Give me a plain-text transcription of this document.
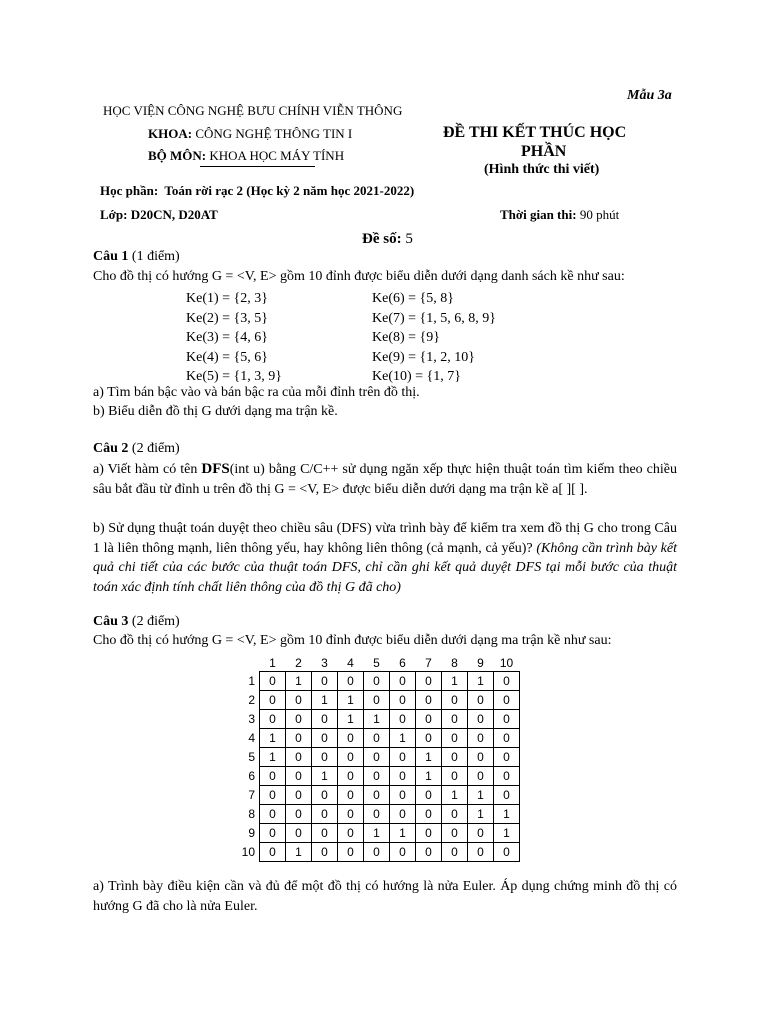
Mẫu 3a
HỌC VIỆN CÔNG NGHỆ BƯU CHÍNH VIỄN THÔNG
KHOA: CÔNG NGHỆ THÔNG TIN I
BỘ MÔN: KHOA HỌC MÁY TÍNH
ĐỀ THI KẾT THÚC HỌC
PHẦN
(Hình thức thi viết)
Học phần: Toán rời rạc 2 (Học kỳ 2 năm học 2021-2022)
Lớp: D20CN, D20AT	Thời gian thi: 90 phút
Đề số: 5
Câu 1 (1 điểm)
Cho đồ thị có hướng G = <V, E> gồm 10 đỉnh được biểu diễn dưới dạng danh sách kề như sau:
Ke(1) = {2, 3}
Ke(2) = {3, 5}
Ke(3) = {4, 6}
Ke(4) = {5, 6}
Ke(5) = {1, 3, 9}
Ke(6) = {5, 8}
Ke(7) = {1, 5, 6, 8, 9}
Ke(8) = {9}
Ke(9) = {1, 2, 10}
Ke(10) = {1, 7}
a) Tìm bán bậc vào và bán bậc ra của mỗi đỉnh trên đồ thị.
b) Biểu diễn đồ thị G dưới dạng ma trận kề.
Câu 2 (2 điểm)
a) Viết hàm có tên DFS(int u) bằng C/C++ sử dụng ngăn xếp thực hiện thuật toán tìm kiếm theo chiều sâu bắt đầu từ đỉnh u trên đồ thị G = <V, E> được biểu diễn dưới dạng ma trận kề a[ ][ ].
b) Sử dụng thuật toán duyệt theo chiều sâu (DFS) vừa trình bày để kiểm tra xem đồ thị G cho trong Câu 1 là liên thông mạnh, liên thông yếu, hay không liên thông (cả mạnh, cả yếu)? (Không cần trình bày kết quả chi tiết của các bước của thuật toán DFS, chỉ cần ghi kết quả duyệt DFS tại mỗi bước của thuật toán xác định tính chất liên thông của đồ thị G đã cho)
Câu 3 (2 điểm)
Cho đồ thị có hướng G = <V, E> gồm 10 đỉnh được biểu diễn dưới dạng ma trận kề như sau:
	1	2	3	4	5	6	7	8	9	10
1	0	1	0	0	0	0	0	1	1	0
2	0	0	1	1	0	0	0	0	0	0
3	0	0	0	1	1	0	0	0	0	0
4	1	0	0	0	0	1	0	0	0	0
5	1	0	0	0	0	0	1	0	0	0
6	0	0	1	0	0	0	1	0	0	0
7	0	0	0	0	0	0	0	1	1	0
8	0	0	0	0	0	0	0	0	1	1
9	0	0	0	0	1	1	0	0	0	1
10	0	1	0	0	0	0	0	0	0	0
a) Trình bày điều kiện cần và đủ để một đồ thị có hướng là nửa Euler. Áp dụng chứng minh đồ thị có hướng G đã cho là nửa Euler.
